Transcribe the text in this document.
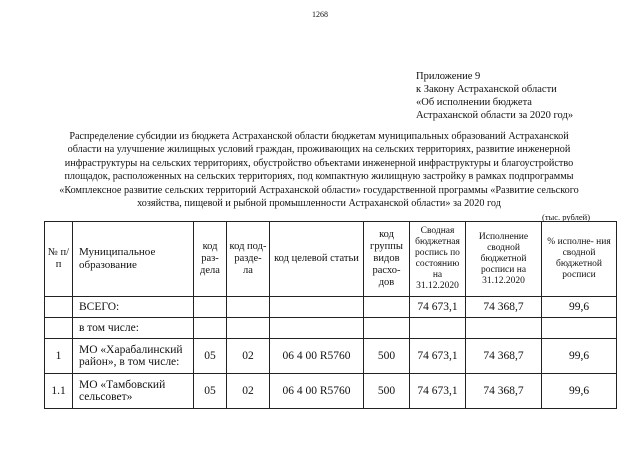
1268
Приложение 9
к Закону Астраханской области
«Об исполнении бюджета
Астраханской области за 2020 год»
Распределение субсидии из бюджета Астраханской области бюджетам муниципальных образований Астраханской
области на улучшение жилищных условий граждан, проживающих на сельских территориях, развитие инженерной
инфраструктуры на сельских территориях, обустройство объектами инженерной инфраструктуры и благоустройство
площадок, расположенных на сельских территориях, под компактную жилищную застройку в рамках подпрограммы
«Комплексное развитие сельских территорий Астраханской области» государственной программы «Развитие сельского
хозяйства, пищевой и рыбной промышленности Астраханской области» за 2020 год
(тыс. рублей)
№ п/п	Муниципальное образование	код раз- дела	код под- разде- ла	код целевой статьи	код группы видов расхо- дов	Сводная бюджетная роспись по состоянию на 31.12.2020	Исполнение сводной бюджетной росписи на 31.12.2020	% исполне- ния сводной бюджетной росписи
	ВСЕГО:					74 673,1	74 368,7	99,6
	в том числе:							
1	МО «Харабалинский район», в том числе:	05	02	06 4 00 R5760	500	74 673,1	74 368,7	99,6
1.1	МО «Тамбовский сельсовет»	05	02	06 4 00 R5760	500	74 673,1	74 368,7	99,6
